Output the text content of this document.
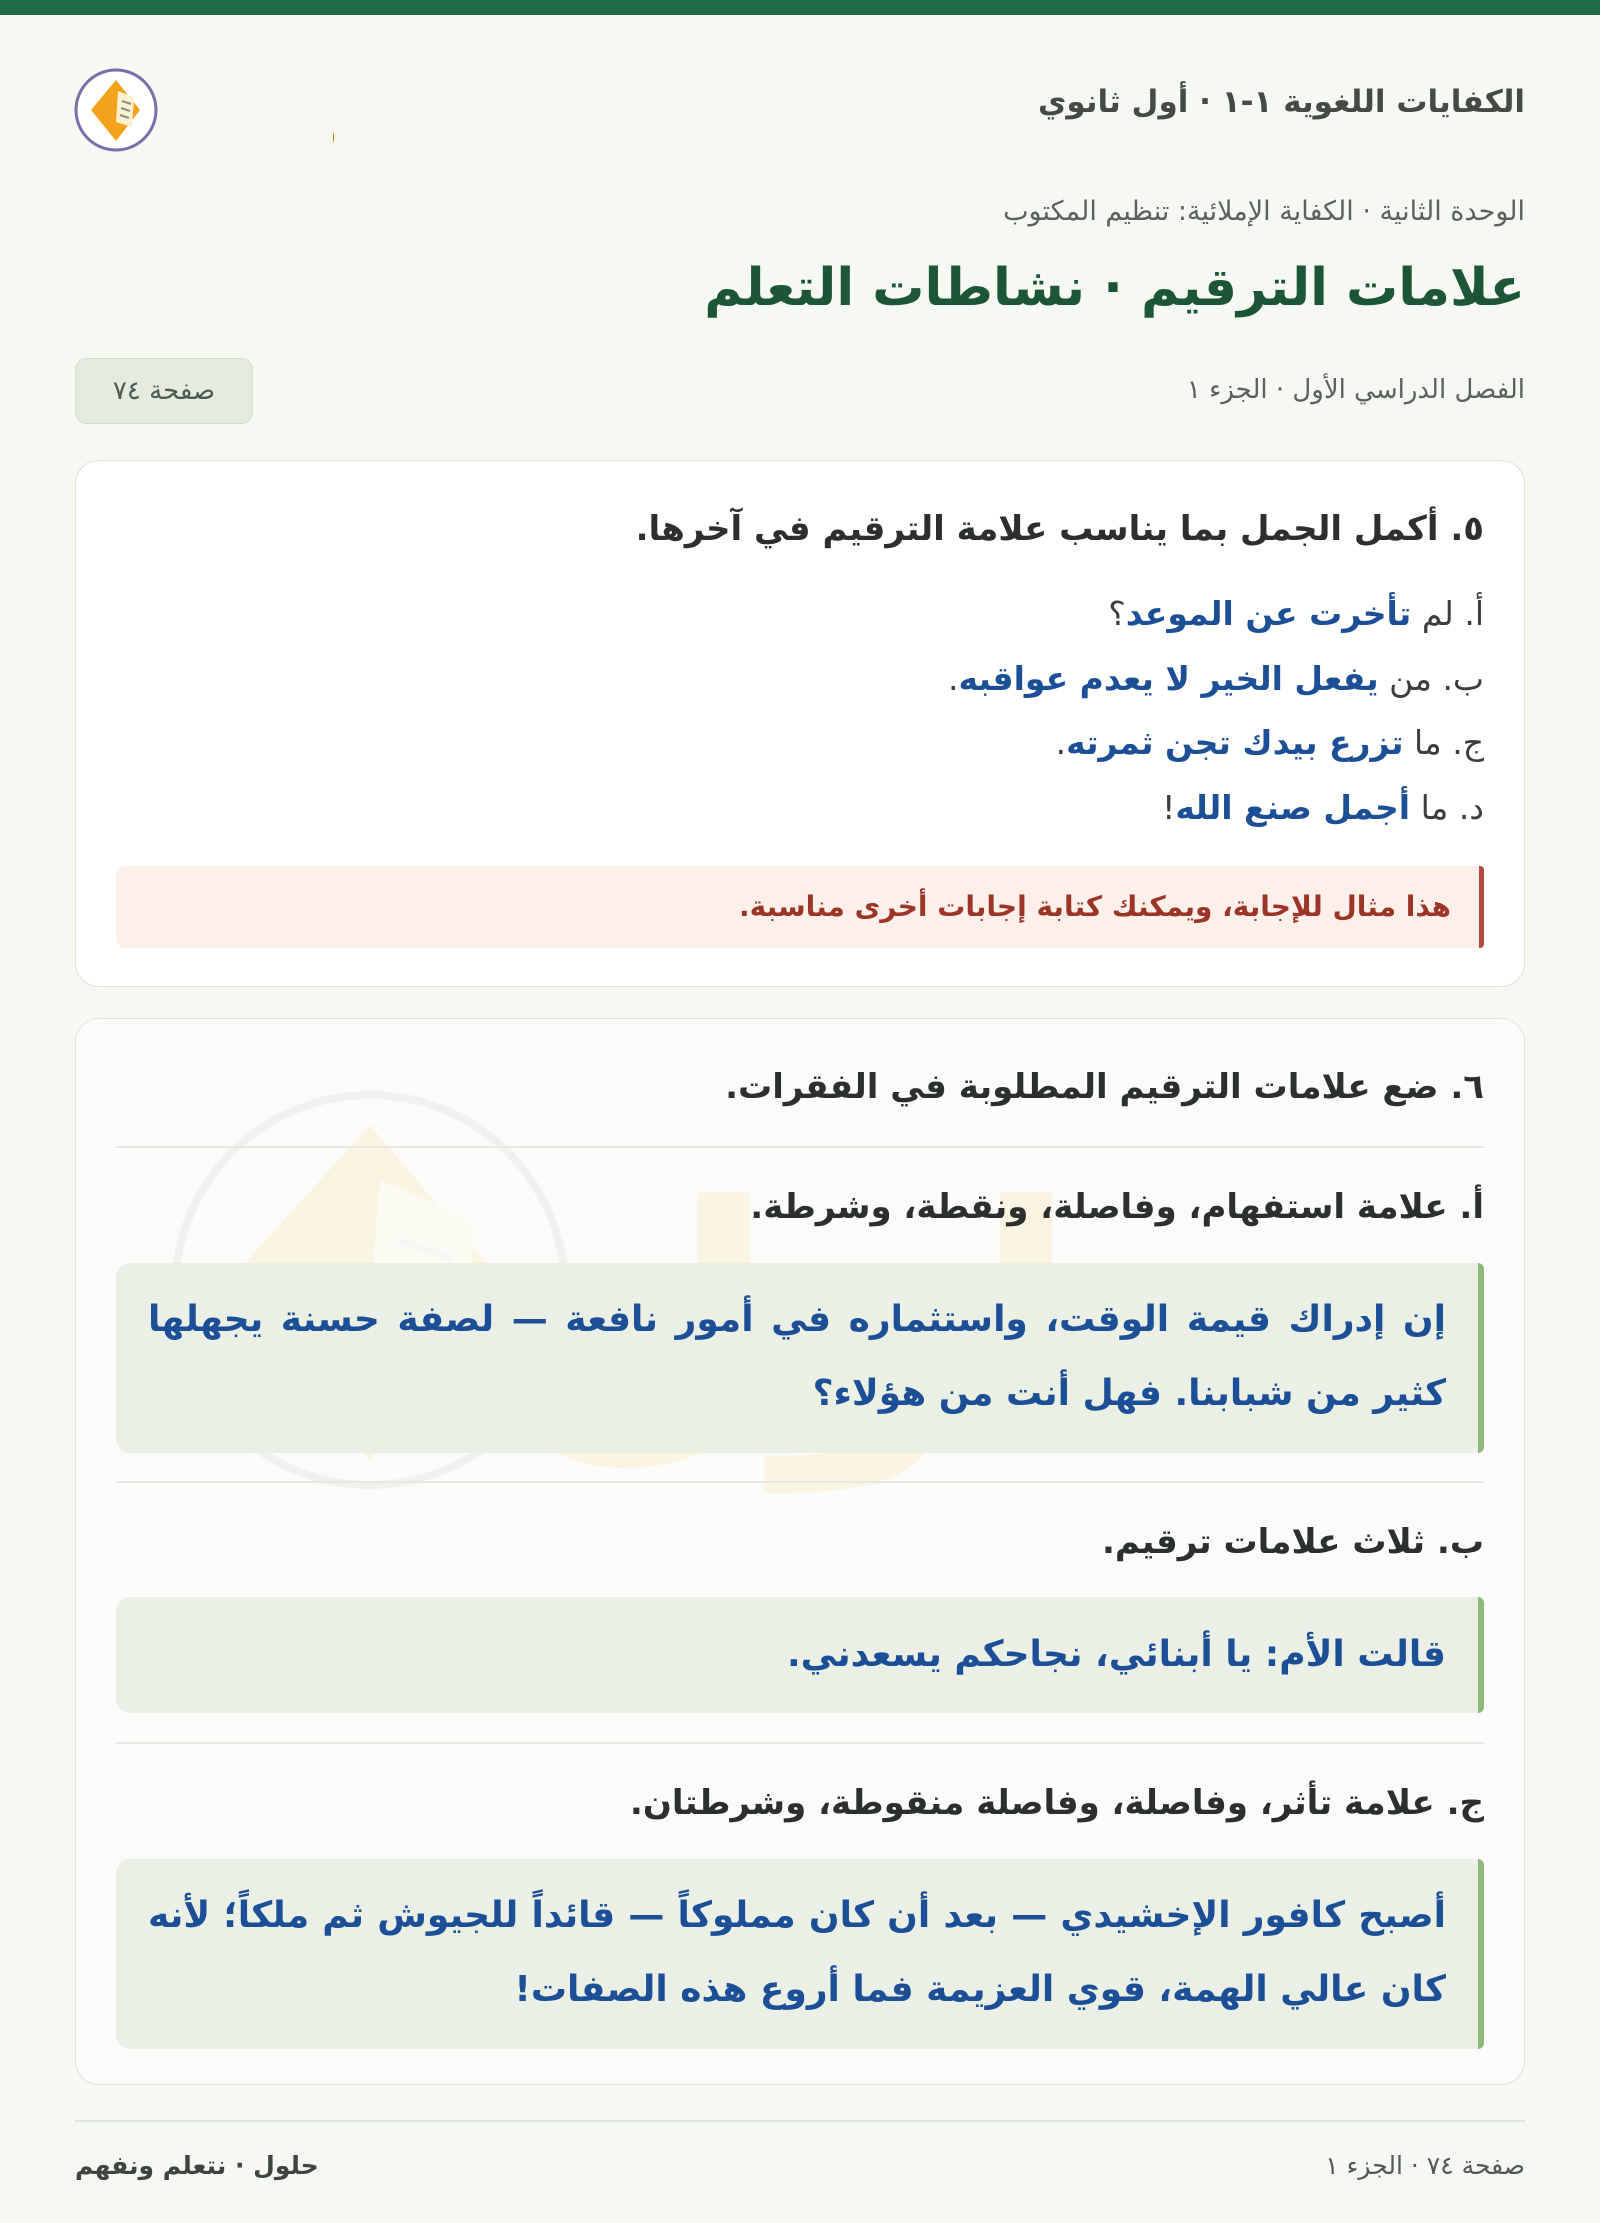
الكفايات اللغوية ١-١ · أول ثانوي
الوحدة الثانية · الكفاية الإملائية: تنظيم المكتوب
علامات الترقيم · نشاطات التعلم
الفصل الدراسي الأول · الجزء ١
صفحة ٧٤
٥. أكمل الجمل بما يناسب علامة الترقيم في آخرها.
أ. لم تأخرت عن الموعد؟
ب. من يفعل الخير لا يعدم عواقبه.
ج. ما تزرع بيدك تجن ثمرته.
د. ما أجمل صنع الله!
هذا مثال للإجابة، ويمكنك كتابة إجابات أخرى مناسبة.
٦. ضع علامات الترقيم المطلوبة في الفقرات.
أ. علامة استفهام، وفاصلة، ونقطة، وشرطة.

إن إدراك قيمة الوقت، واستثماره في أمور نافعة — لصفة حسنة يجهلها كثير من شبابنا. فهل أنت من هؤلاء؟

ب. ثلاث علامات ترقيم.

قالت الأم: يا أبنائي، نجاحكم يسعدني.

ج. علامة تأثر، وفاصلة، وفاصلة منقوطة، وشرطتان.

أصبح كافور الإخشيدي — بعد أن كان مملوكاً — قائداً للجيوش ثم ملكاً؛ لأنه كان عالي الهمة، قوي العزيمة فما أروع هذه الصفات!

صفحة ٧٤ · الجزء ١
حلول · نتعلم ونفهم
